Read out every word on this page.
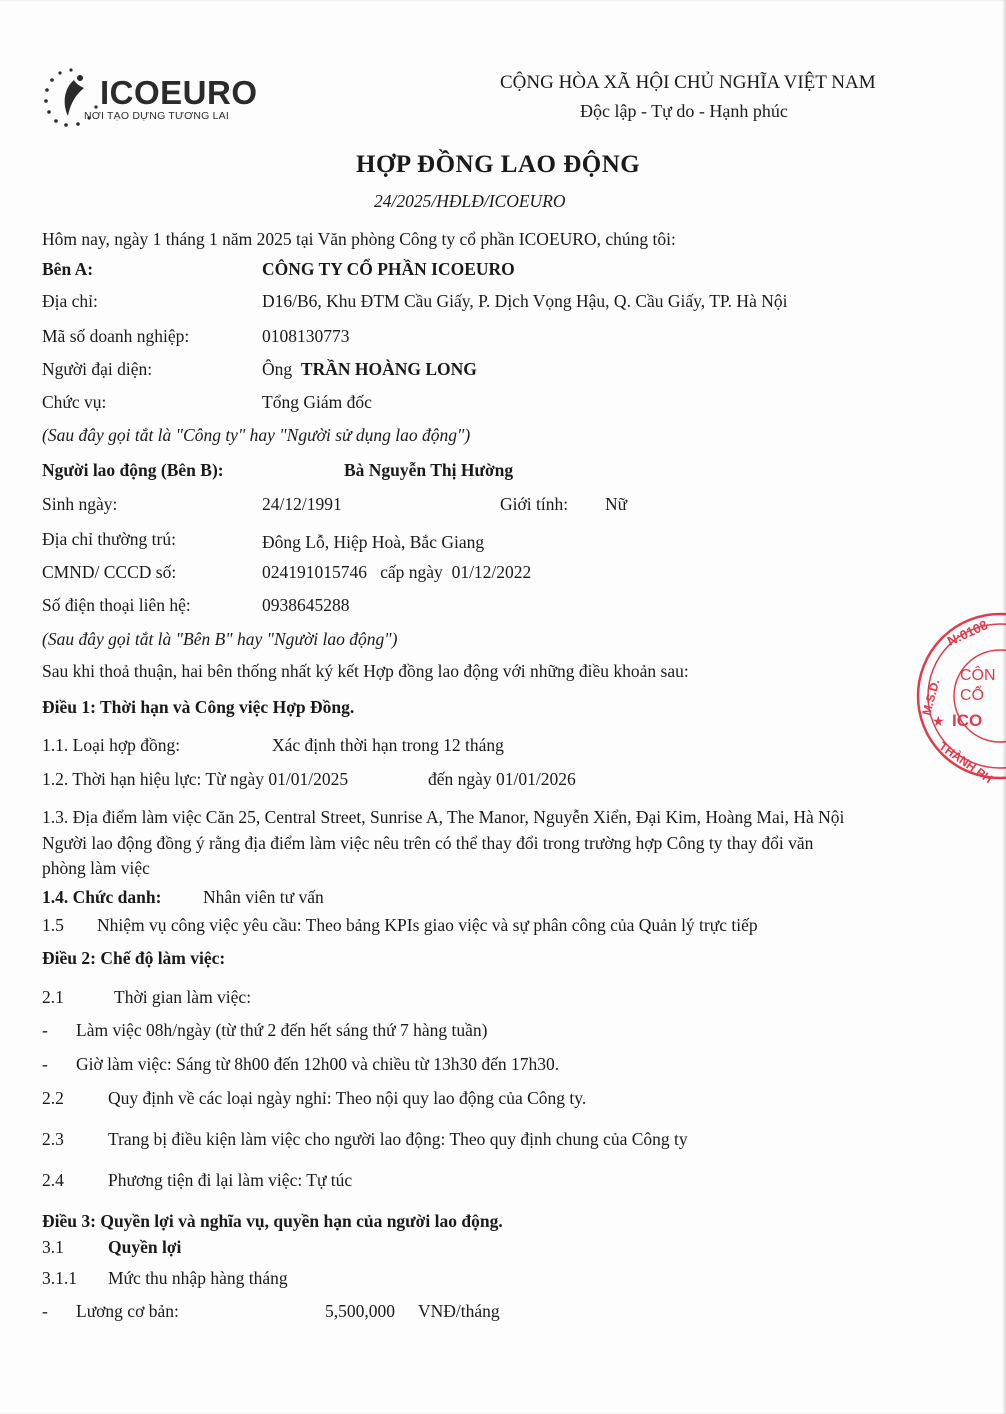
ICOEURO
NƠI TẠO DỰNG TƯƠNG LAI
CỘNG HÒA XÃ HỘI CHỦ NGHĨA VIỆT NAM
Độc lập - Tự do - Hạnh phúc
HỢP ĐỒNG LAO ĐỘNG
24/2025/HĐLĐ/ICOEURO
Hôm nay, ngày 1 tháng 1 năm 2025 tại Văn phòng Công ty cổ phần ICOEURO, chúng tôi:
Bên A:	CÔNG TY CỔ PHẦN ICOEURO
Địa chỉ:	D16/B6, Khu ĐTM Cầu Giấy, P. Dịch Vọng Hậu, Q. Cầu Giấy, TP. Hà Nội
Mã số doanh nghiệp:	0108130773
Người đại diện:	Ông TRẦN HOÀNG LONG
Chức vụ:	Tổng Giám đốc
(Sau đây gọi tắt là "Công ty" hay "Người sử dụng lao động")
Người lao động (Bên B):	Bà Nguyễn Thị Hường
Sinh ngày:	24/12/1991	Giới tính: Nữ
Địa chỉ thường trú:	Đông Lỗ, Hiệp Hoà, Bắc Giang
CMND/ CCCD số:	024191015746 cấp ngày 01/12/2022
Số điện thoại liên hệ:	0938645288
(Sau đây gọi tắt là "Bên B" hay "Người lao động")
Sau khi thoả thuận, hai bên thống nhất ký kết Hợp đồng lao động với những điều khoản sau:
Điều 1: Thời hạn và Công việc Hợp Đồng.
1.1. Loại hợp đồng:	Xác định thời hạn trong 12 tháng
1.2. Thời hạn hiệu lực: Từ ngày 01/01/2025	đến ngày 01/01/2026
1.3. Địa điểm làm việc Căn 25, Central Street, Sunrise A, The Manor, Nguyễn Xiển, Đại Kim, Hoàng Mai, Hà Nội
Người lao động đồng ý rằng địa điểm làm việc nêu trên có thể thay đổi trong trường hợp Công ty thay đổi văn
phòng làm việc
1.4. Chức danh: Nhân viên tư vấn
1.5 Nhiệm vụ công việc yêu cầu: Theo bảng KPIs giao việc và sự phân công của Quản lý trực tiếp
Điều 2: Chế độ làm việc:
2.1	Thời gian làm việc:
- Làm việc 08h/ngày (từ thứ 2 đến hết sáng thứ 7 hàng tuần)
- Giờ làm việc: Sáng từ 8h00 đến 12h00 và chiều từ 13h30 đến 17h30.
2.2	Quy định về các loại ngày nghỉ: Theo nội quy lao động của Công ty.
2.3	Trang bị điều kiện làm việc cho người lao động: Theo quy định chung của Công ty
2.4	Phương tiện đi lại làm việc: Tự túc
Điều 3: Quyền lợi và nghĩa vụ, quyền hạn của người lao động.
3.1	Quyền lợi
3.1.1 Mức thu nhập hàng tháng
- Lương cơ bản:	5,500,000 VNĐ/tháng
N:0108
M.S.D.
CÔN
CỔ
ICO
★
THÀNH PH
